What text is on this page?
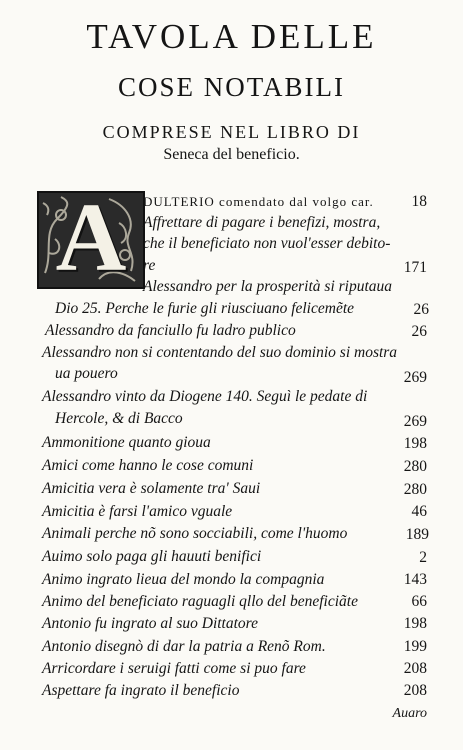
TAVOLA DELLE
COSE NOTABILI
COMPRESE NEL LIBRO DI
Seneca del beneficio.
A	DULTERIO comendato dal volgo car. 18
Affrettare di pagare i benefizi, mostra,
che il beneficiato non vuol'esser debito-
re	171
Alessandro per la prosperità si riputaua
Dio 25. Perche le furie gli riusciuano felicemẽte	26
Alessandro da fanciullo fu ladro publico	26
Alessandro non si contentando del suo dominio si mostra
ua pouero	269
Alessandro vinto da Diogene 140. Seguì le pedate di
Hercole, & di Bacco	269
Ammonitione quanto gioua	198
Amici come hanno le cose comuni	280
Amicitia vera è solamente tra' Saui	280
Amicitia è farsi l'amico vguale	46
Animali perche nõ sono socciabili, come l'huomo	189
Auimo solo paga gli hauuti benifici	2
Animo ingrato lieua del mondo la compagnia	143
Animo del beneficiato raguagli qllo del beneficiãte	66
Antonio fu ingrato al suo Dittatore	198
Antonio disegnò di dar la patria a Renõ Rom.	199
Arricordare i seruigi fatti come si puo fare	208
Aspettare fa ingrato il beneficio	208
Auaro
